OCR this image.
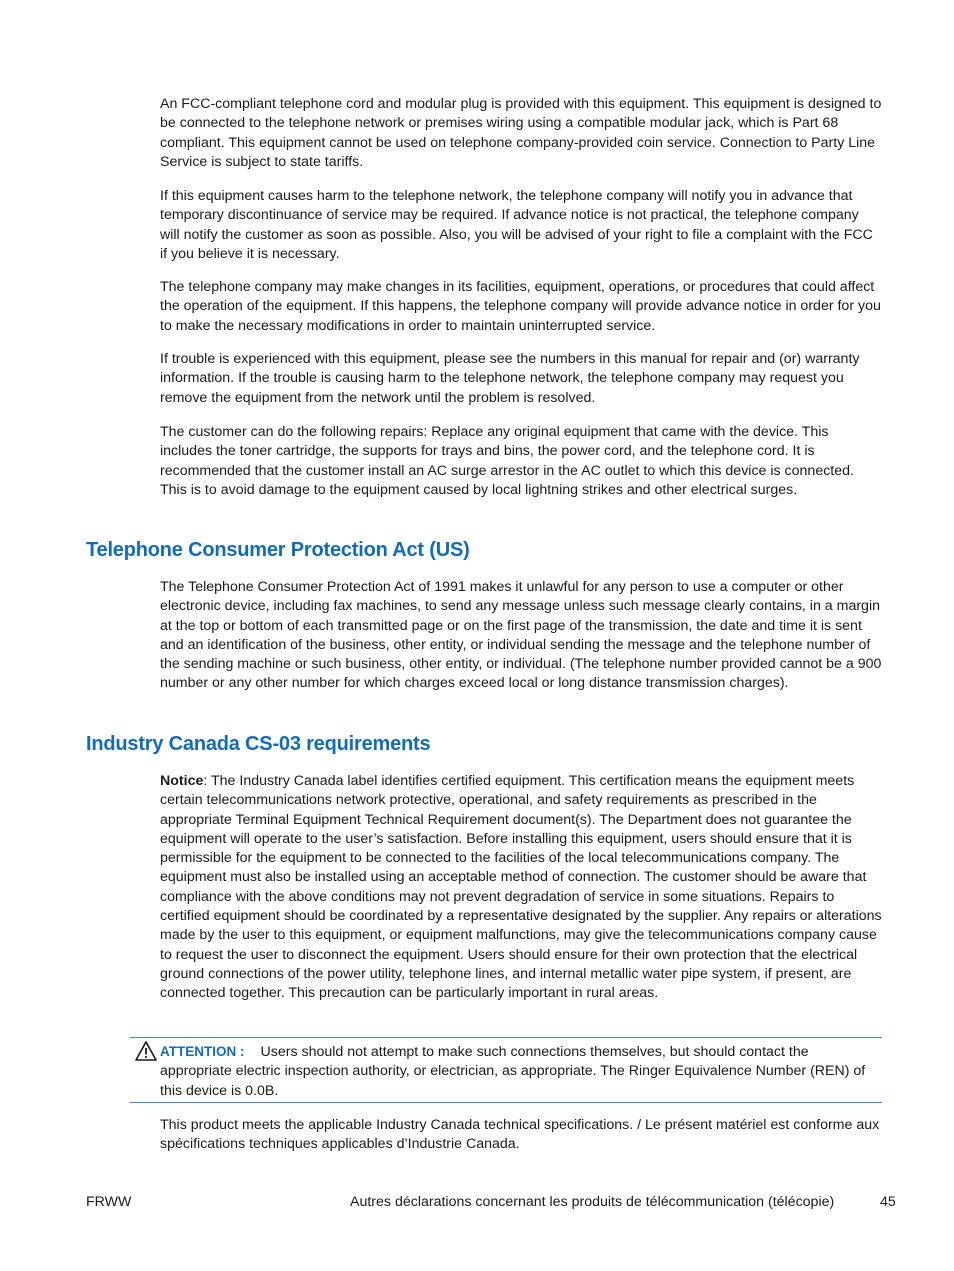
An FCC-compliant telephone cord and modular plug is provided with this equipment. This equipment is designed to be connected to the telephone network or premises wiring using a compatible modular jack, which is Part 68 compliant. This equipment cannot be used on telephone company-provided coin service. Connection to Party Line Service is subject to state tariffs.

If this equipment causes harm to the telephone network, the telephone company will notify you in advance that temporary discontinuance of service may be required. If advance notice is not practical, the telephone company will notify the customer as soon as possible. Also, you will be advised of your right to file a complaint with the FCC if you believe it is necessary.

The telephone company may make changes in its facilities, equipment, operations, or procedures that could affect the operation of the equipment. If this happens, the telephone company will provide advance notice in order for you to make the necessary modifications in order to maintain uninterrupted service.

If trouble is experienced with this equipment, please see the numbers in this manual for repair and (or) warranty information. If the trouble is causing harm to the telephone network, the telephone company may request you remove the equipment from the network until the problem is resolved.

The customer can do the following repairs: Replace any original equipment that came with the device. This includes the toner cartridge, the supports for trays and bins, the power cord, and the telephone cord. It is recommended that the customer install an AC surge arrestor in the AC outlet to which this device is connected. This is to avoid damage to the equipment caused by local lightning strikes and other electrical surges.

Telephone Consumer Protection Act (US)

The Telephone Consumer Protection Act of 1991 makes it unlawful for any person to use a computer or other electronic device, including fax machines, to send any message unless such message clearly contains, in a margin at the top or bottom of each transmitted page or on the first page of the transmission, the date and time it is sent and an identification of the business, other entity, or individual sending the message and the telephone number of the sending machine or such business, other entity, or individual. (The telephone number provided cannot be a 900 number or any other number for which charges exceed local or long distance transmission charges).

Industry Canada CS-03 requirements

Notice: The Industry Canada label identifies certified equipment. This certification means the equipment meets certain telecommunications network protective, operational, and safety requirements as prescribed in the appropriate Terminal Equipment Technical Requirement document(s). The Department does not guarantee the equipment will operate to the user’s satisfaction. Before installing this equipment, users should ensure that it is permissible for the equipment to be connected to the facilities of the local telecommunications company. The equipment must also be installed using an acceptable method of connection. The customer should be aware that compliance with the above conditions may not prevent degradation of service in some situations. Repairs to certified equipment should be coordinated by a representative designated by the supplier. Any repairs or alterations made by the user to this equipment, or equipment malfunctions, may give the telecommunications company cause to request the user to disconnect the equipment. Users should ensure for their own protection that the electrical ground connections of the power utility, telephone lines, and internal metallic water pipe system, if present, are connected together. This precaution can be particularly important in rural areas.

ATTENTION : Users should not attempt to make such connections themselves, but should contact the appropriate electric inspection authority, or electrician, as appropriate. The Ringer Equivalence Number (REN) of this device is 0.0B.

This product meets the applicable Industry Canada technical specifications. / Le présent matériel est conforme aux spécifications techniques applicables d’Industrie Canada.

FRWW	Autres déclarations concernant les produits de télécommunication (télécopie)	45
